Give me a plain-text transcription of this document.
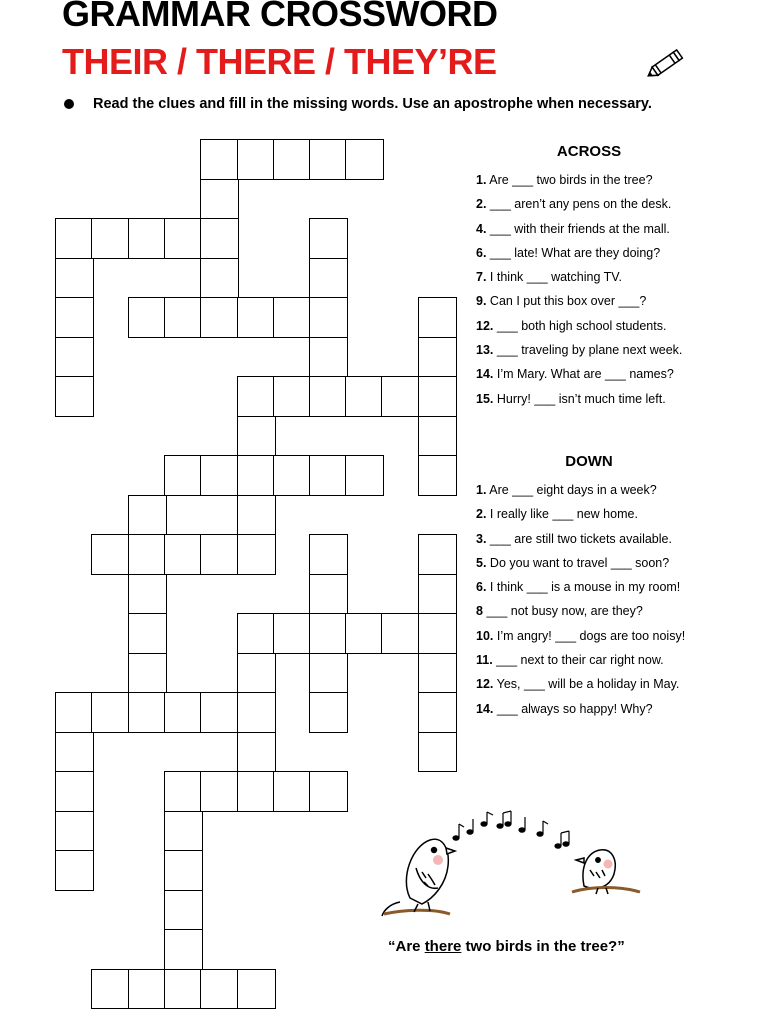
GRAMMAR CROSSWORD
THEIR / THERE / THEY’RE
Read the clues and fill in the missing words. Use an apostrophe when necessary.
ACROSS
1. Are ___ two birds in the tree?
2. ___ aren’t any pens on the desk.
4. ___ with their friends at the mall.
6. ___ late! What are they doing?
7. I think ___ watching TV.
9. Can I put this box over ___?
12. ___ both high school students.
13. ___ traveling by plane next week.
14. I’m Mary. What are ___ names?
15. Hurry! ___ isn’t much time left.
DOWN
1. Are ___ eight days in a week?
2. I really like ___ new home.
3. ___ are still two tickets available.
5. Do you want to travel ___ soon?
6. I think ___ is a mouse in my room!
8 ___ not busy now, are they?
10. I’m angry! ___ dogs are too noisy!
11. ___ next to their car right now.
12. Yes, ___ will be a holiday in May.
14. ___ always so happy! Why?
“Are there two birds in the tree?”
